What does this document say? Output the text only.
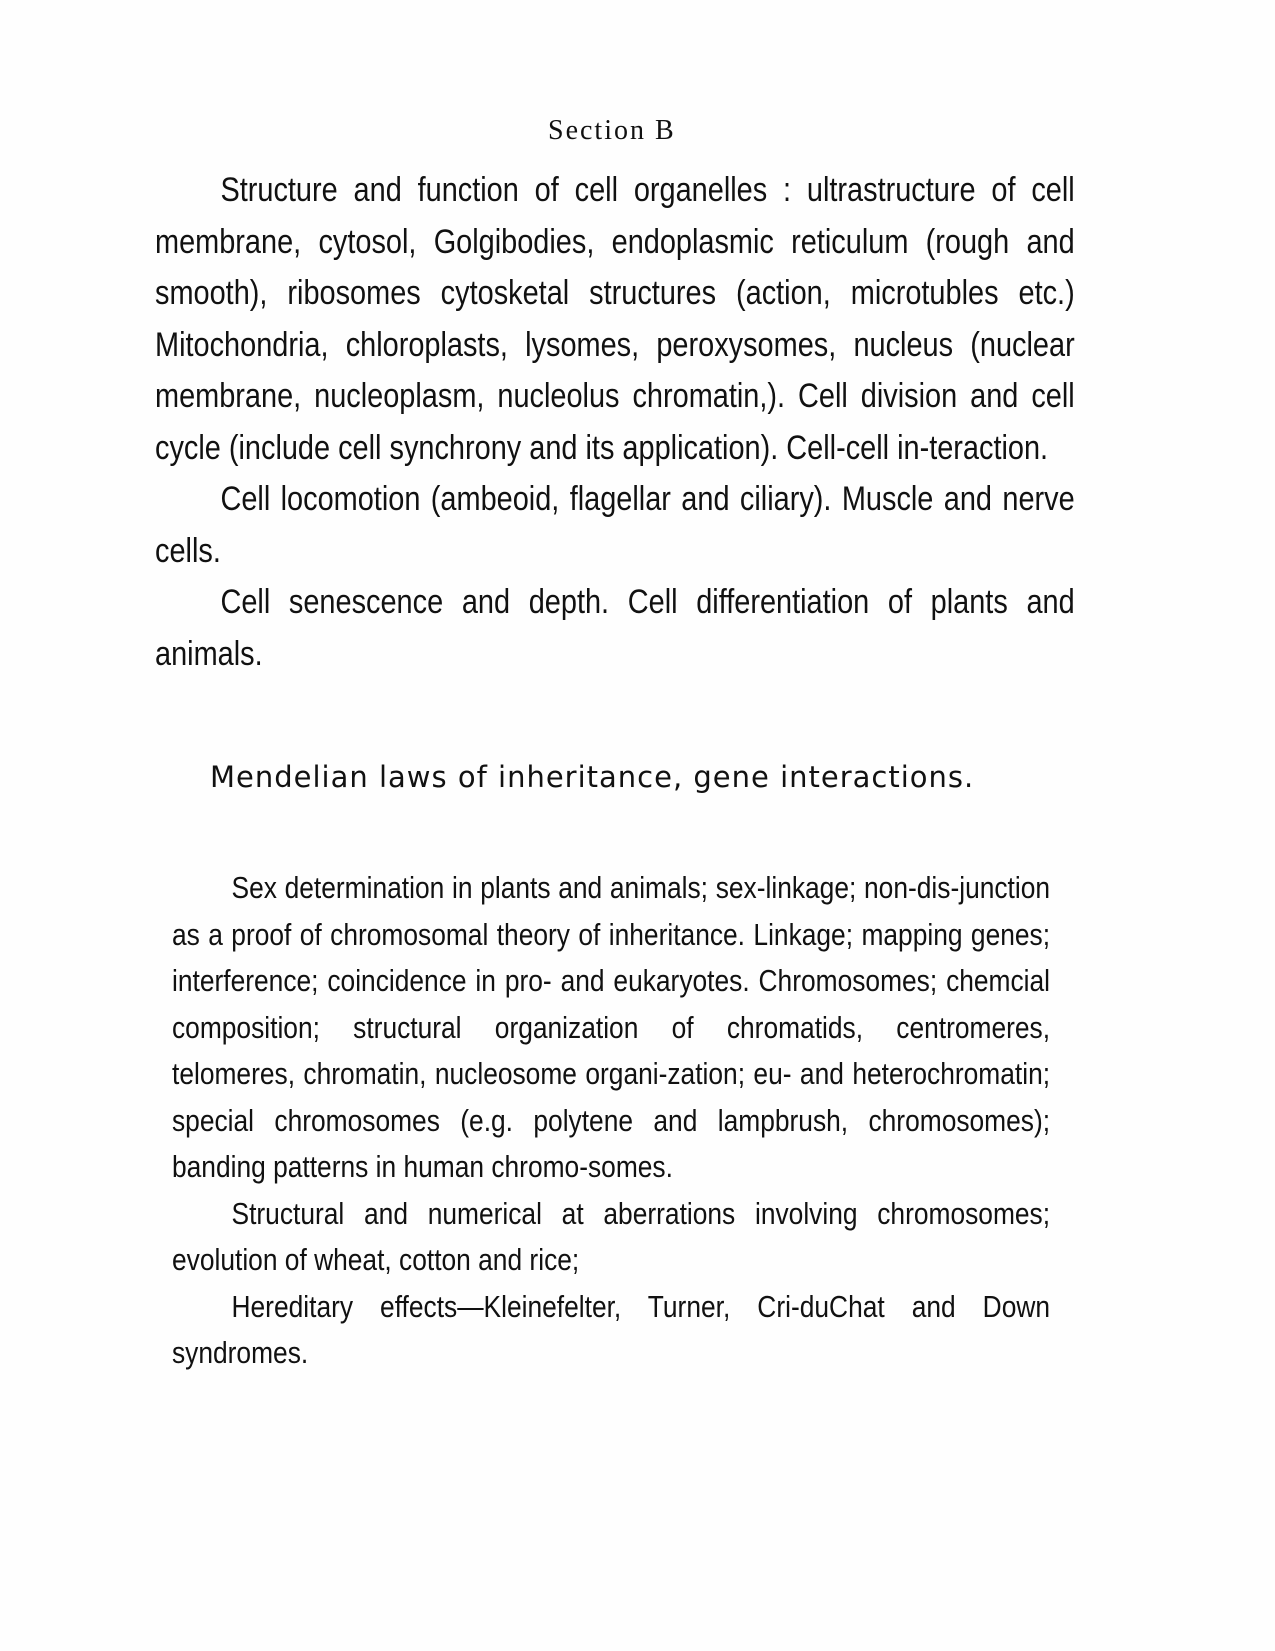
Section B

Structure and function of cell organelles : ultrastructure of cell membrane, cytosol, Golgibodies, endoplasmic reticulum (rough and smooth), ribosomes cytosketal structures (action, microtubles etc.) Mitochondria, chloroplasts, lysomes, peroxysomes, nucleus (nuclear membrane, nucleoplasm, nucleolus chromatin,). Cell division and cell cycle (include cell synchrony and its application). Cell-cell in-teraction.

Cell locomotion (ambeoid, flagellar and ciliary). Muscle and nerve cells.

Cell senescence and depth. Cell differentiation of plants and animals.

Mendelian laws of inheritance, gene interactions.

Sex determination in plants and animals; sex-linkage; non-dis-junction as a proof of chromosomal theory of inheritance. Linkage; mapping genes; interference; coincidence in pro- and eukaryotes. Chromosomes; chemcial composition; structural organization of chromatids, centromeres, telomeres, chromatin, nucleosome organi-zation; eu- and heterochromatin; special chromosomes (e.g. polytene and lampbrush, chromosomes); banding patterns in human chromo-somes.

Structural and numerical at aberrations involving chromosomes; evolution of wheat, cotton and rice;

Hereditary effects—Kleinefelter, Turner, Cri-duChat and Down syndromes.
